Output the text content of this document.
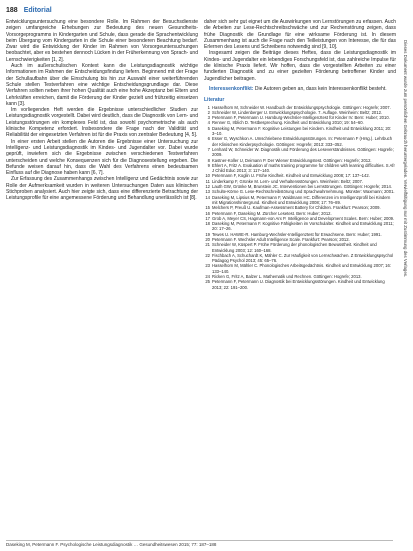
188 Editorial

Entwicklungsuntersuchung eine besondere Rolle. Im Rahmen der Besuchsdienste zeigen umfangreiche Erhebungen zur Bedeutung des neuen Gesundheits-Vorsorgeprogramms in Kindergarten und Schule, dass gerade die Sprachentwicklung beim Übergang vom Kindergarten in die Schule einer besonderen Beachtung bedarf. Zwar wird die Entwicklung der Kinder im Rahmen von Vorsorgeuntersuchungen beobachtet, aber es bestehen dennoch Lücken in der Früherkennung von Sprach- und Lernschwierigkeiten [1, 2].

Auch im außerschulischen Kontext kann die Leistungsdiagnostik wichtige Informationen im Rahmen der Entscheidungsfindung liefern. Beginnend mit der Frage der Schullaufbahn über die Einschulung bis hin zur Auswahl einer weiterführenden Schule stellen Testverfahren eine wichtige Entscheidungsgrundlage dar. Diese Verfahren sollten neben ihrer hohen Qualität auch eine hohe Akzeptanz bei Eltern und Lehrkräften erreichen, damit die Förderung der Kinder gezielt und frühzeitig einsetzen kann [3].

Im vorliegenden Heft werden die Ergebnisse unterschiedlicher Studien zur Leistungsdiagnostik vorgestellt. Dabei wird deutlich, dass die Diagnostik von Lern- und Leistungsstörungen ein komplexes Feld ist, das sowohl psychometrische als auch klinische Kompetenz erfordert. Insbesondere die Frage nach der Validität und Reliabilität der eingesetzten Verfahren ist für die Praxis von zentraler Bedeutung [4, 5].

In einer ersten Arbeit stellen die Autoren die Ergebnisse einer Untersuchung zur Intelligenz- und Leistungsdiagnostik im Kindes- und Jugendalter vor. Dabei wurde geprüft, inwiefern sich die Ergebnisse zwischen verschiedenen Testverfahren unterscheiden und welche Konsequenzen sich für die Diagnosestellung ergeben. Die Befunde weisen darauf hin, dass die Wahl des Verfahrens einen bedeutsamen Einfluss auf die Diagnose haben kann [6, 7].

Zur Erfassung des Zusammenhangs zwischen Intelligenz und Gedächtnis sowie zur Rolle der Aufmerksamkeit wurden in weiteren Untersuchungen Daten aus klinischen Stichproben analysiert. Auch hier zeigte sich, dass eine differenzierte Betrachtung der Leistungsprofile für eine angemessene Förderung und Behandlung unerlässlich ist [8].

daher sich sehr gut eignet um die Auswirkungen von Lernstörungen zu erfassen. Auch die Arbeiten zur Lese-Rechtschreibschwäche und zur Rechenstörung zeigen, dass frühe Diagnostik die Grundlage für eine wirksame Förderung ist. In diesem Zusammenhang ist auch die Frage nach den Teilleistungen von Interesse, die für das Erlernen des Lesens und Schreibens notwendig sind [9, 10].

Insgesamt zeigen die Beiträge dieses Heftes, dass die Leistungsdiagnostik im Kindes- und Jugendalter ein lebendiges Forschungsfeld ist, das zahlreiche Impulse für die klinische Praxis liefert. Wir hoffen, dass die vorgestellten Arbeiten zu einer fundierten Diagnostik und zu einer gezielten Förderung betroffener Kinder und Jugendlicher beitragen.

Interessenkonflikt: Die Autoren geben an, dass kein Interessenkonflikt besteht.

Literatur
Hasselhorn M, Schneider W. Handbuch der Entwicklungspsychologie. Göttingen: Hogrefe; 2007.
Schneider W, Lindenberger U. Entwicklungspsychologie. 7. Auflage. Weinheim: Beltz; 2012.
Petermann F, Petermann U. Hamburg-Wechsler-Intelligenztest für Kinder IV. Bern: Huber; 2010.
Renner G, Irblich D. Testbesprechung. Kindheit und Entwicklung 2010; 19: 54–60.
Daseking M, Petermann F. Kognitive Leistungen bei Kindern. Kindheit und Entwicklung 2011; 20: 3–10.
Esser G, Wyschkon A. Umschriebene Entwicklungsstörungen. In: Petermann F (Hrsg.). Lehrbuch der Klinischen Kinderpsychologie. Göttingen: Hogrefe; 2013: 333–352.
Lenhard W, Schneider W. Diagnostik und Förderung des Leseverständnisses. Göttingen: Hogrefe; 2009.
Kastner-Koller U, Deimann P. Der Wiener Entwicklungstest. Göttingen: Hogrefe; 2012.
Ehlert A, Fritz A. Evaluation of maths training programme for children with learning difficulties. S Afr J Child Educ 2013; 3: 117–140.
Petermann F, Koglin U. Frühe Kindheit. Kindheit und Entwicklung 2008; 17: 137–142.
Linderkamp F, Grünke M. Lern- und Verhaltensstörungen. Weinheim: Beltz; 2007.
Lauth GW, Grünke M, Brunstein JC. Interventionen bei Lernstörungen. Göttingen: Hogrefe; 2014.
Schulte-Körne G. Lese-Rechtschreibstörung und Sprachwahrnehmung. Münster: Waxmann; 2001.
Daseking M, Lipsius M, Petermann F, Waldmann HC. Differenzen im Intelligenzprofil bei Kindern mit Migrationshintergrund. Kindheit und Entwicklung 2008; 17: 76–89.
Melchers P, Preuß U. Kaufman-Assessment Battery for Children. Frankfurt: Pearson; 2009.
Petermann F, Daseking M. Zürcher Lesetest. Bern: Huber; 2012.
Grob A, Meyer CS, Hagmann-von Arx P. Intelligence and Development Scales. Bern: Huber; 2009.
Daseking M, Petermann F. Kognitive Fähigkeiten im Vorschulalter. Kindheit und Entwicklung 2011; 20: 17–26.
Tewes U. HAWIE-R. Hamburg-Wechsler-Intelligenztest für Erwachsene. Bern: Huber; 1991.
Petermann F. Wechsler Adult Intelligence Scale. Frankfurt: Pearson; 2012.
Schneider W, Küspert P. Frühe Förderung der phonologischen Bewusstheit. Kindheit und Entwicklung 2003; 12: 160–168.
Fischbach A, Schuchardt K, Mähler C. Zur Häufigkeit von Lernschwächen. Z Entwicklungspsychol Pädagog Psychol 2013; 45: 65–76.
Hasselhorn M, Mähler C. Phonologisches Arbeitsgedächtnis. Kindheit und Entwicklung 2007; 16: 133–140.
Ricken G, Fritz A, Balzer L. Mathematik und Rechnen. Göttingen: Hogrefe; 2013.
Petermann F, Petermann U. Diagnostik bei Entwicklungsstörungen. Kindheit und Entwicklung 2013; 22: 191–200.
Dieses Dokument wurde zum persönlichen Gebrauch heruntergeladen. Vervielfältigung nur mit Zustimmung des Verlages.
Daseking M, Petermann F. Psychologische Leistungsdiagnostik … Gesundheitswesen 2015; 77: 187–188
